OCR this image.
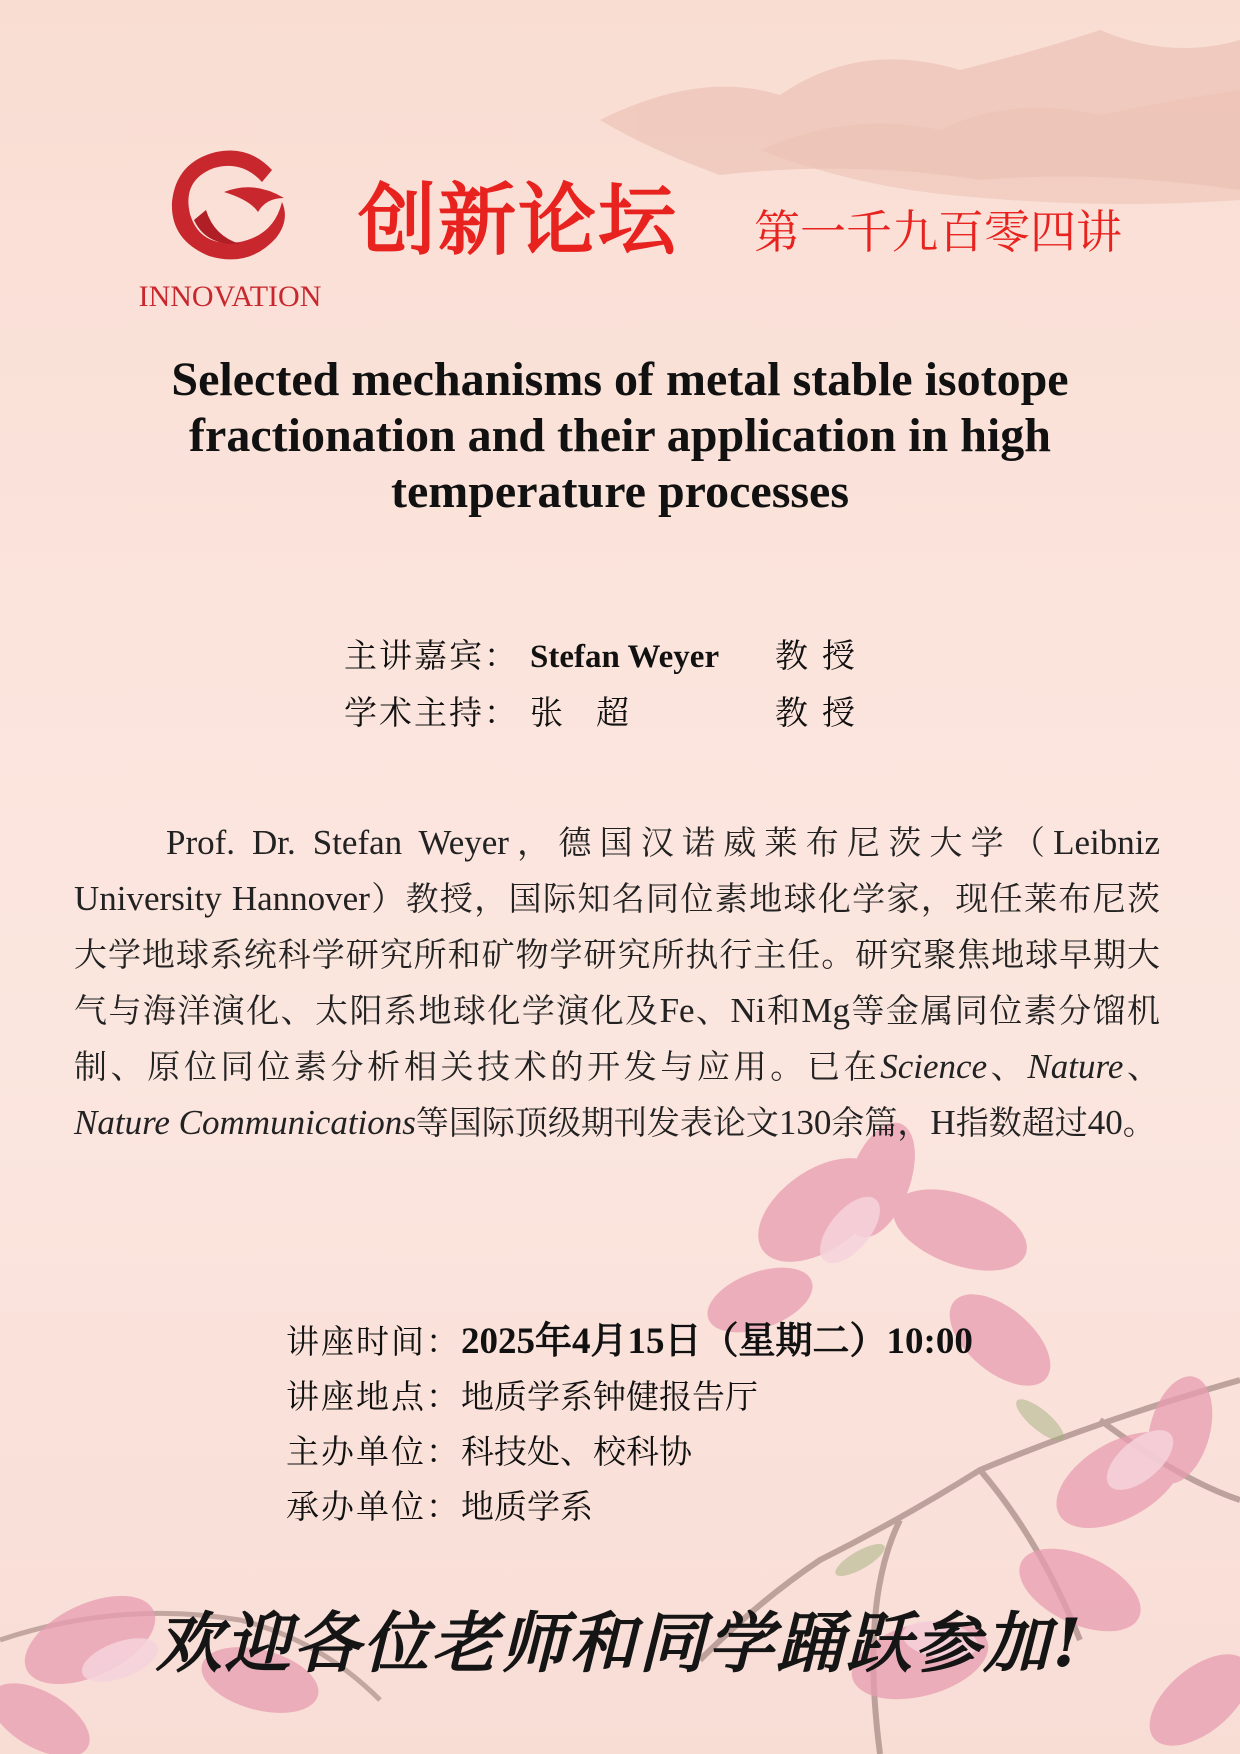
INNOVATION
创新论坛 第一千九百零四讲
Selected mechanisms of metal stable isotope
fractionation and their application in high
temperature processes
主讲嘉宾： Stefan Weyer	教授
学术主持： 张　超	教授
Prof. Dr. Stefan Weyer，德国汉诺威莱布尼茨大学（Leibniz University Hannover）教授，国际知名同位素地球化学家，现任莱布尼茨大学地球系统科学研究所和矿物学研究所执行主任。研究聚焦地球早期大气与海洋演化、太阳系地球化学演化及Fe、Ni和Mg等金属同位素分馏机制、原位同位素分析相关技术的开发与应用。已在Science、Nature、Nature Communications等国际顶级期刊发表论文130余篇，H指数超过40。
讲座时间： 2025年4月15日（星期二）10:00
讲座地点： 地质学系钟健报告厅
主办单位： 科技处、校科协
承办单位： 地质学系
欢迎各位老师和同学踊跃参加!
